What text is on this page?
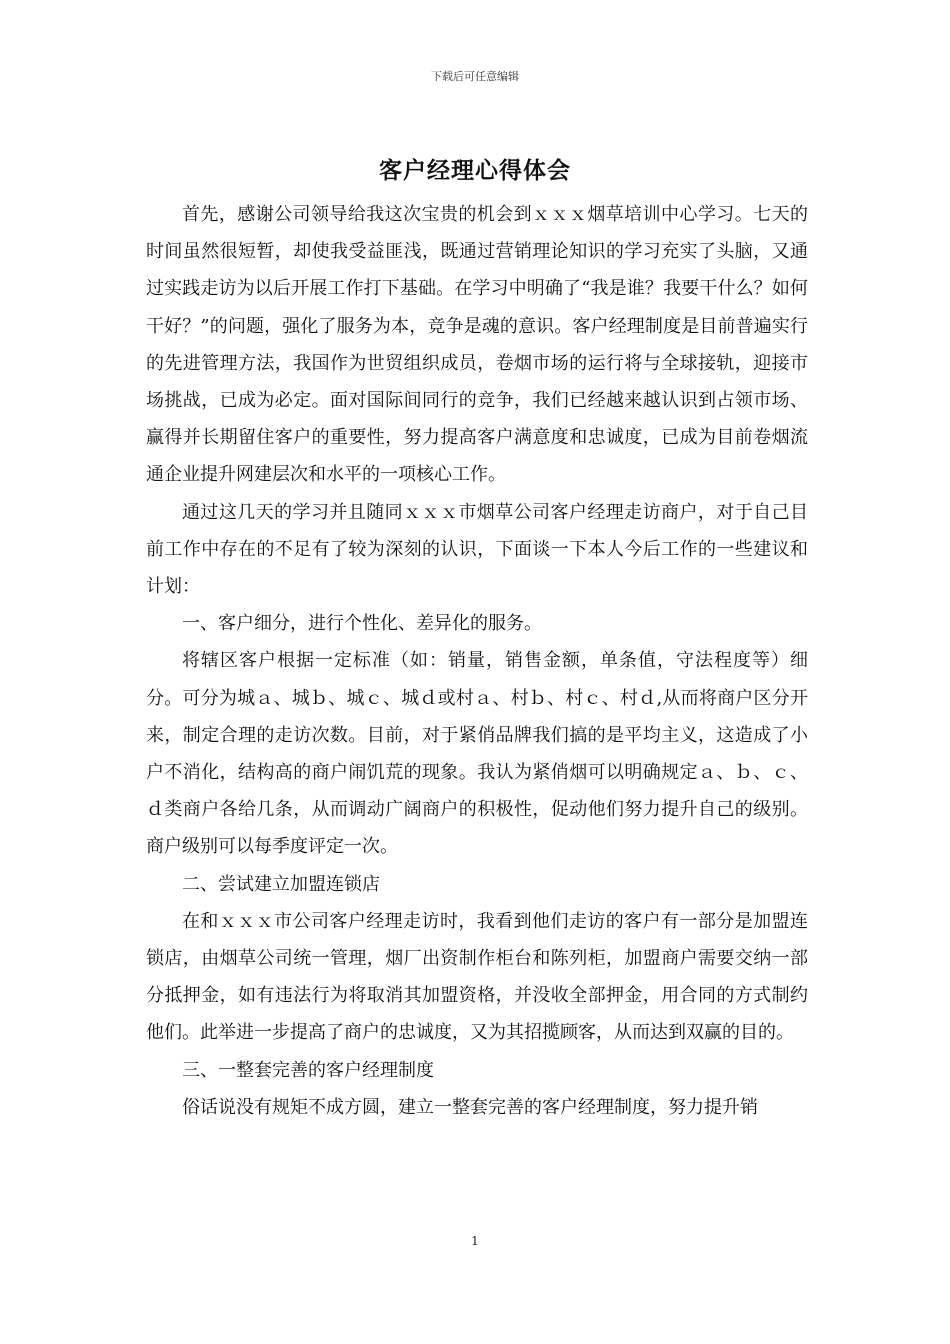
下载后可任意编辑
客户经理心得体会

首先，感谢公司领导给我这次宝贵的机会到ｘｘｘ烟草培训中心学习。七天的时间虽然很短暂，却使我受益匪浅，既通过营销理论知识的学习充实了头脑，又通过实践走访为以后开展工作打下基础。在学习中明确了“我是谁？我要干什么？如何干好？”的问题，强化了服务为本，竞争是魂的意识。客户经理制度是目前普遍实行的先进管理方法，我国作为世贸组织成员，卷烟市场的运行将与全球接轨，迎接市场挑战，已成为必定。面对国际间同行的竞争，我们已经越来越认识到占领市场、赢得并长期留住客户的重要性，努力提高客户满意度和忠诚度，已成为目前卷烟流通企业提升网建层次和水平的一项核心工作。

通过这几天的学习并且随同ｘｘｘ市烟草公司客户经理走访商户，对于自己目前工作中存在的不足有了较为深刻的认识，下面谈一下本人今后工作的一些建议和计划：

一、客户细分，进行个性化、差异化的服务。

将辖区客户根据一定标准（如：销量，销售金额，单条值，守法程度等）细分。可分为城ａ、城ｂ、城ｃ、城ｄ或村ａ、村ｂ、村ｃ、村ｄ,从而将商户区分开来，制定合理的走访次数。目前，对于紧俏品牌我们搞的是平均主义，这造成了小户不消化，结构高的商户闹饥荒的现象。我认为紧俏烟可以明确规定ａ、ｂ、ｃ、ｄ类商户各给几条，从而调动广阔商户的积极性，促动他们努力提升自己的级别。商户级别可以每季度评定一次。

二、尝试建立加盟连锁店

在和ｘｘｘ市公司客户经理走访时，我看到他们走访的客户有一部分是加盟连锁店，由烟草公司统一管理，烟厂出资制作柜台和陈列柜，加盟商户需要交纳一部分抵押金，如有违法行为将取消其加盟资格，并没收全部押金，用合同的方式制约他们。此举进一步提高了商户的忠诚度，又为其招揽顾客，从而达到双赢的目的。

三、一整套完善的客户经理制度

俗话说没有规矩不成方圆，建立一整套完善的客户经理制度，努力提升销

1
